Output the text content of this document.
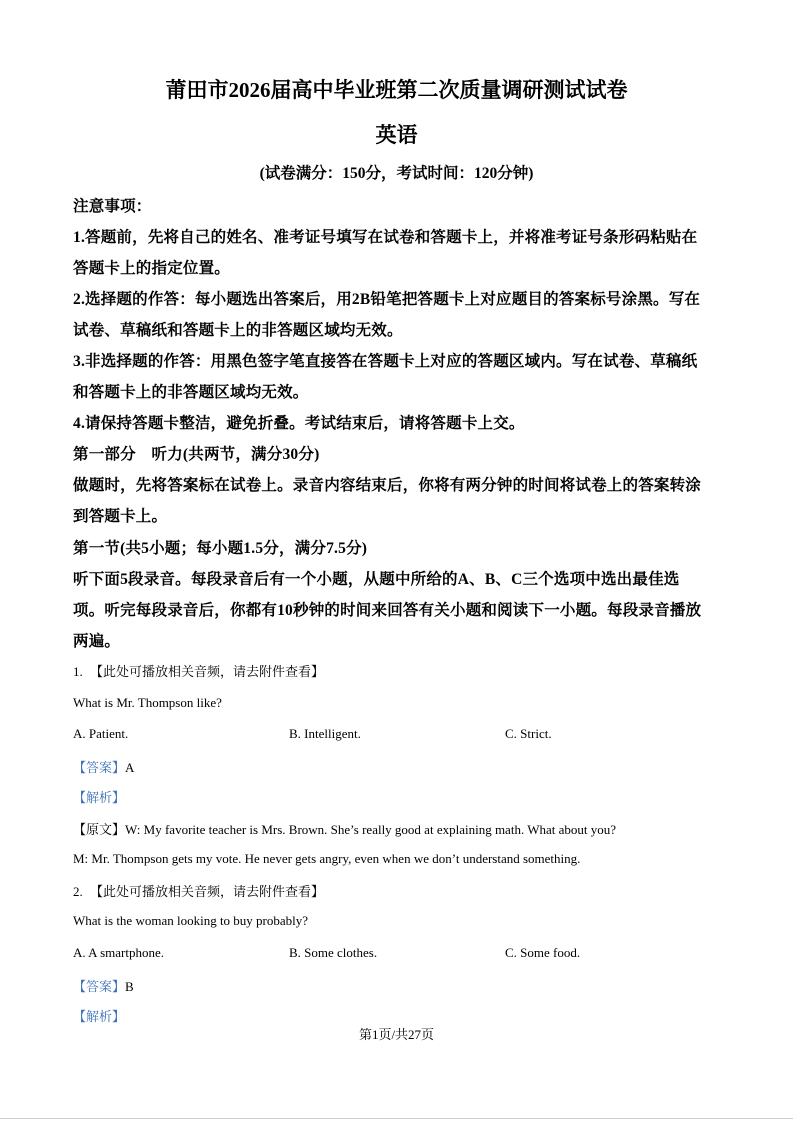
莆田市2026届高中毕业班第二次质量调研测试试卷
英语
(试卷满分：150分，考试时间：120分钟)
注意事项：
1.答题前，先将自己的姓名、准考证号填写在试卷和答题卡上，并将准考证号条形码粘贴在
答题卡上的指定位置。
2.选择题的作答：每小题选出答案后，用2B铅笔把答题卡上对应题目的答案标号涂黑。写在
试卷、草稿纸和答题卡上的非答题区域均无效。
3.非选择题的作答：用黑色签字笔直接答在答题卡上对应的答题区域内。写在试卷、草稿纸
和答题卡上的非答题区域均无效。
4.请保持答题卡整洁，避免折叠。考试结束后，请将答题卡上交。
第一部分　听力(共两节，满分30分)
做题时，先将答案标在试卷上。录音内容结束后，你将有两分钟的时间将试卷上的答案转涂
到答题卡上。
第一节(共5小题；每小题1.5分，满分7.5分)
听下面5段录音。每段录音后有一个小题，从题中所给的A、B、C三个选项中选出最佳选
项。听完每段录音后，你都有10秒钟的时间来回答有关小题和阅读下一小题。每段录音播放
两遍。
1. 【此处可播放相关音频，请去附件查看】
What is Mr. Thompson like?
A. Patient.	B. Intelligent.	C. Strict.
【答案】A
【解析】
【原文】W: My favorite teacher is Mrs. Brown. She’s really good at explaining math. What about you?
M: Mr. Thompson gets my vote. He never gets angry, even when we don’t understand something.
2. 【此处可播放相关音频，请去附件查看】
What is the woman looking to buy probably?
A. A smartphone.	B. Some clothes.	C. Some food.
【答案】B
【解析】
第1页/共27页
